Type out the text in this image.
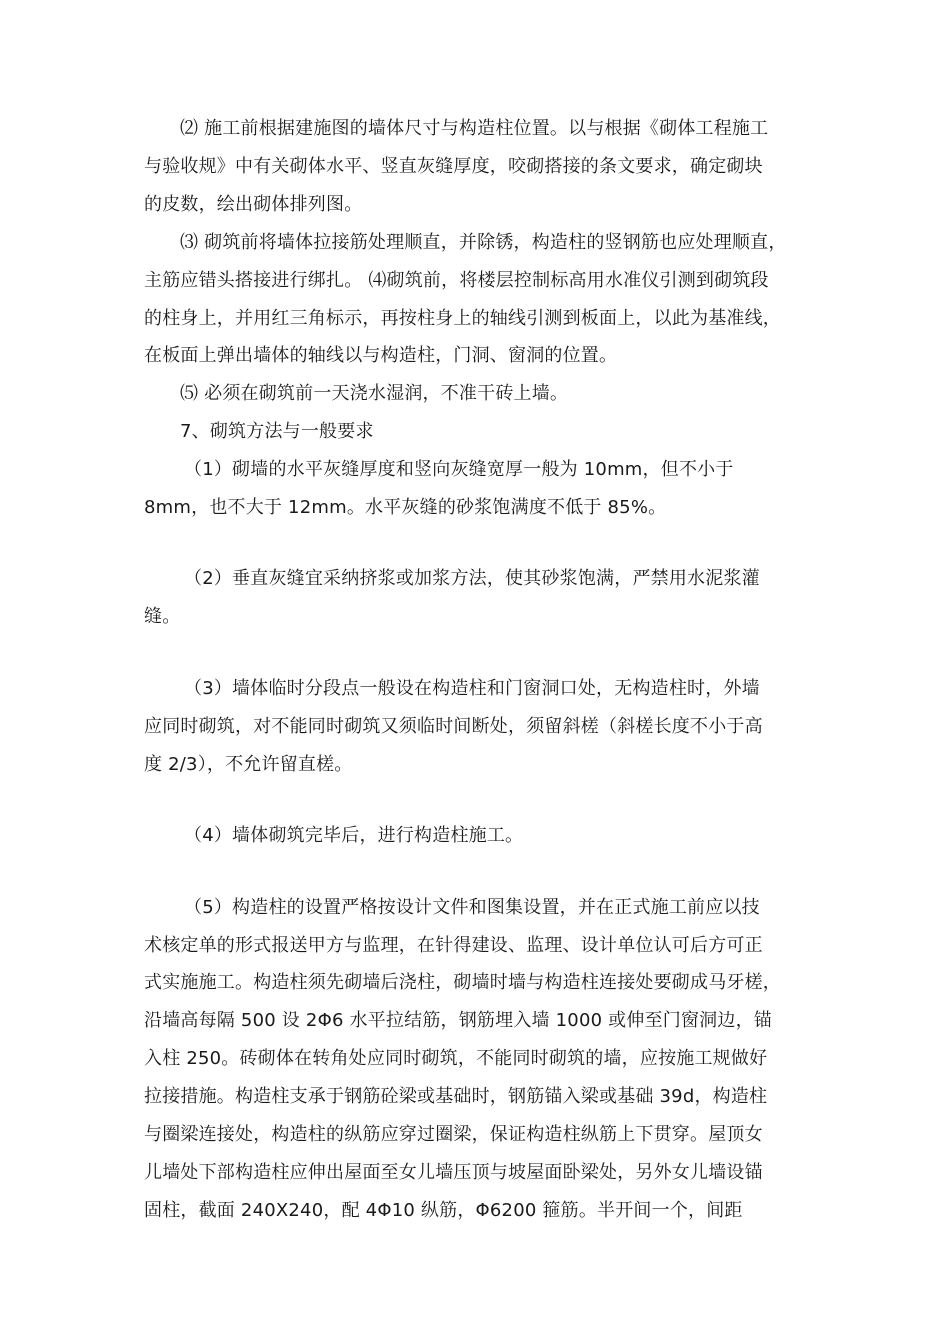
⑵ 施工前根据建施图的墙体尺寸与构造柱位置。以与根据《砌体工程施工
与验收规》中有关砌体水平、竖直灰缝厚度，咬砌搭接的条文要求，确定砌块
的皮数，绘出砌体排列图。
⑶ 砌筑前将墙体拉接筋处理顺直，并除锈，构造柱的竖钢筋也应处理顺直，
主筋应错头搭接进行绑扎。 ⑷砌筑前，将楼层控制标高用水准仪引测到砌筑段
的柱身上，并用红三角标示，再按柱身上的轴线引测到板面上，以此为基准线，
在板面上弹出墙体的轴线以与构造柱，门洞、窗洞的位置。
⑸ 必须在砌筑前一天浇水湿润，不准干砖上墙。
7、砌筑方法与一般要求
（1）砌墙的水平灰缝厚度和竖向灰缝宽厚一般为 10mm，但不小于
8mm，也不大于 12mm。水平灰缝的砂浆饱满度不低于 85%。
（2）垂直灰缝宜采纳挤浆或加浆方法，使其砂浆饱满，严禁用水泥浆灌
缝。
（3）墙体临时分段点一般设在构造柱和门窗洞口处，无构造柱时，外墙
应同时砌筑，对不能同时砌筑又须临时间断处，须留斜槎（斜槎长度不小于高
度 2/3），不允许留直槎。
（4）墙体砌筑完毕后，进行构造柱施工。
（5）构造柱的设置严格按设计文件和图集设置，并在正式施工前应以技
术核定单的形式报送甲方与监理，在针得建设、监理、设计单位认可后方可正
式实施施工。构造柱须先砌墙后浇柱，砌墙时墙与构造柱连接处要砌成马牙槎，
沿墙高每隔 500 设 2Φ6 水平拉结筋，钢筋埋入墙 1000 或伸至门窗洞边，锚
入柱 250。砖砌体在转角处应同时砌筑，不能同时砌筑的墙，应按施工规做好
拉接措施。构造柱支承于钢筋砼梁或基础时，钢筋锚入梁或基础 39d，构造柱
与圈梁连接处，构造柱的纵筋应穿过圈梁，保证构造柱纵筋上下贯穿。屋顶女
儿墙处下部构造柱应伸出屋面至女儿墙压顶与坡屋面卧梁处，另外女儿墙设锚
固柱，截面 240X240，配 4Φ10 纵筋，Φ6200 箍筋。半开间一个，间距
